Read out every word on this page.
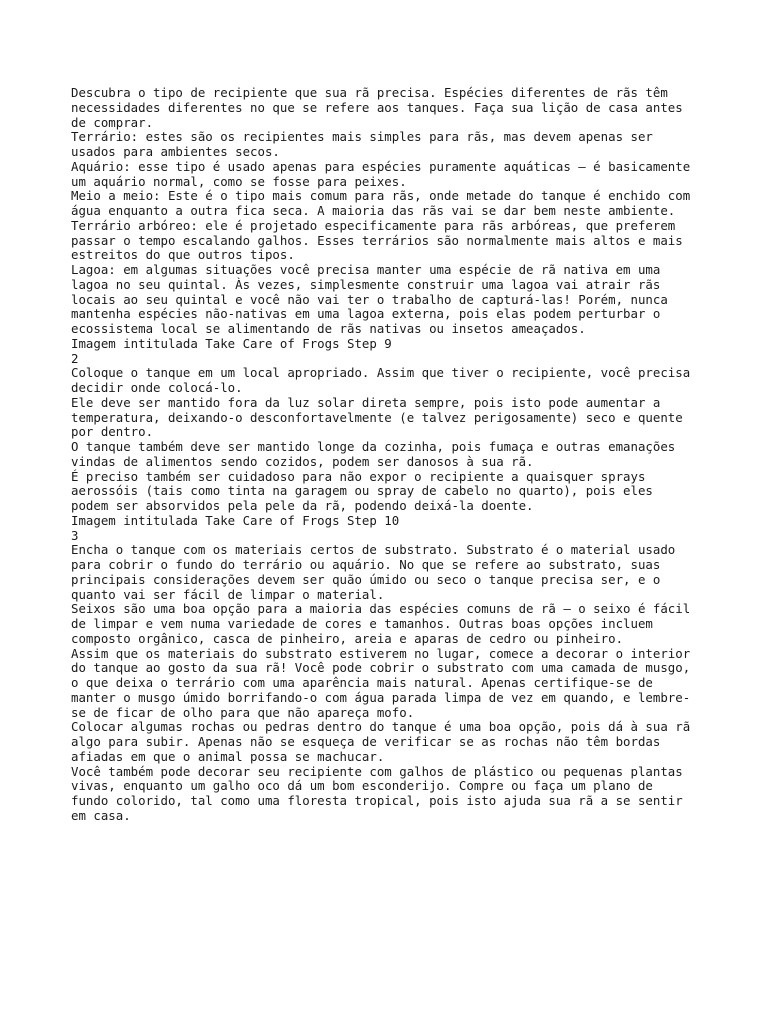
Descubra o tipo de recipiente que sua rã precisa. Espécies diferentes de rãs têm
necessidades diferentes no que se refere aos tanques. Faça sua lição de casa antes
de comprar.
Terrário: estes são os recipientes mais simples para rãs, mas devem apenas ser
usados para ambientes secos.
Aquário: esse tipo é usado apenas para espécies puramente aquáticas — é basicamente
um aquário normal, como se fosse para peixes.
Meio a meio: Este é o tipo mais comum para rãs, onde metade do tanque é enchido com
água enquanto a outra fica seca. A maioria das rãs vai se dar bem neste ambiente.
Terrário arbóreo: ele é projetado especificamente para rãs arbóreas, que preferem
passar o tempo escalando galhos. Esses terrários são normalmente mais altos e mais
estreitos do que outros tipos.
Lagoa: em algumas situações você precisa manter uma espécie de rã nativa em uma
lagoa no seu quintal. Às vezes, simplesmente construir uma lagoa vai atrair rãs
locais ao seu quintal e você não vai ter o trabalho de capturá-las! Porém, nunca
mantenha espécies não-nativas em uma lagoa externa, pois elas podem perturbar o
ecossistema local se alimentando de rãs nativas ou insetos ameaçados.
Imagem intitulada Take Care of Frogs Step 9
2
Coloque o tanque em um local apropriado. Assim que tiver o recipiente, você precisa
decidir onde colocá-lo.
Ele deve ser mantido fora da luz solar direta sempre, pois isto pode aumentar a
temperatura, deixando-o desconfortavelmente (e talvez perigosamente) seco e quente
por dentro.
O tanque também deve ser mantido longe da cozinha, pois fumaça e outras emanações
vindas de alimentos sendo cozidos, podem ser danosos à sua rã.
É preciso também ser cuidadoso para não expor o recipiente a quaisquer sprays
aerossóis (tais como tinta na garagem ou spray de cabelo no quarto), pois eles
podem ser absorvidos pela pele da rã, podendo deixá-la doente.
Imagem intitulada Take Care of Frogs Step 10
3
Encha o tanque com os materiais certos de substrato. Substrato é o material usado
para cobrir o fundo do terrário ou aquário. No que se refere ao substrato, suas
principais considerações devem ser quão úmido ou seco o tanque precisa ser, e o
quanto vai ser fácil de limpar o material.
Seixos são uma boa opção para a maioria das espécies comuns de rã — o seixo é fácil
de limpar e vem numa variedade de cores e tamanhos. Outras boas opções incluem
composto orgânico, casca de pinheiro, areia e aparas de cedro ou pinheiro.
Assim que os materiais do substrato estiverem no lugar, comece a decorar o interior
do tanque ao gosto da sua rã! Você pode cobrir o substrato com uma camada de musgo,
o que deixa o terrário com uma aparência mais natural. Apenas certifique-se de
manter o musgo úmido borrifando-o com água parada limpa de vez em quando, e lembre-
se de ficar de olho para que não apareça mofo.
Colocar algumas rochas ou pedras dentro do tanque é uma boa opção, pois dá à sua rã
algo para subir. Apenas não se esqueça de verificar se as rochas não têm bordas
afiadas em que o animal possa se machucar.
Você também pode decorar seu recipiente com galhos de plástico ou pequenas plantas
vivas, enquanto um galho oco dá um bom esconderijo. Compre ou faça um plano de
fundo colorido, tal como uma floresta tropical, pois isto ajuda sua rã a se sentir
em casa.
